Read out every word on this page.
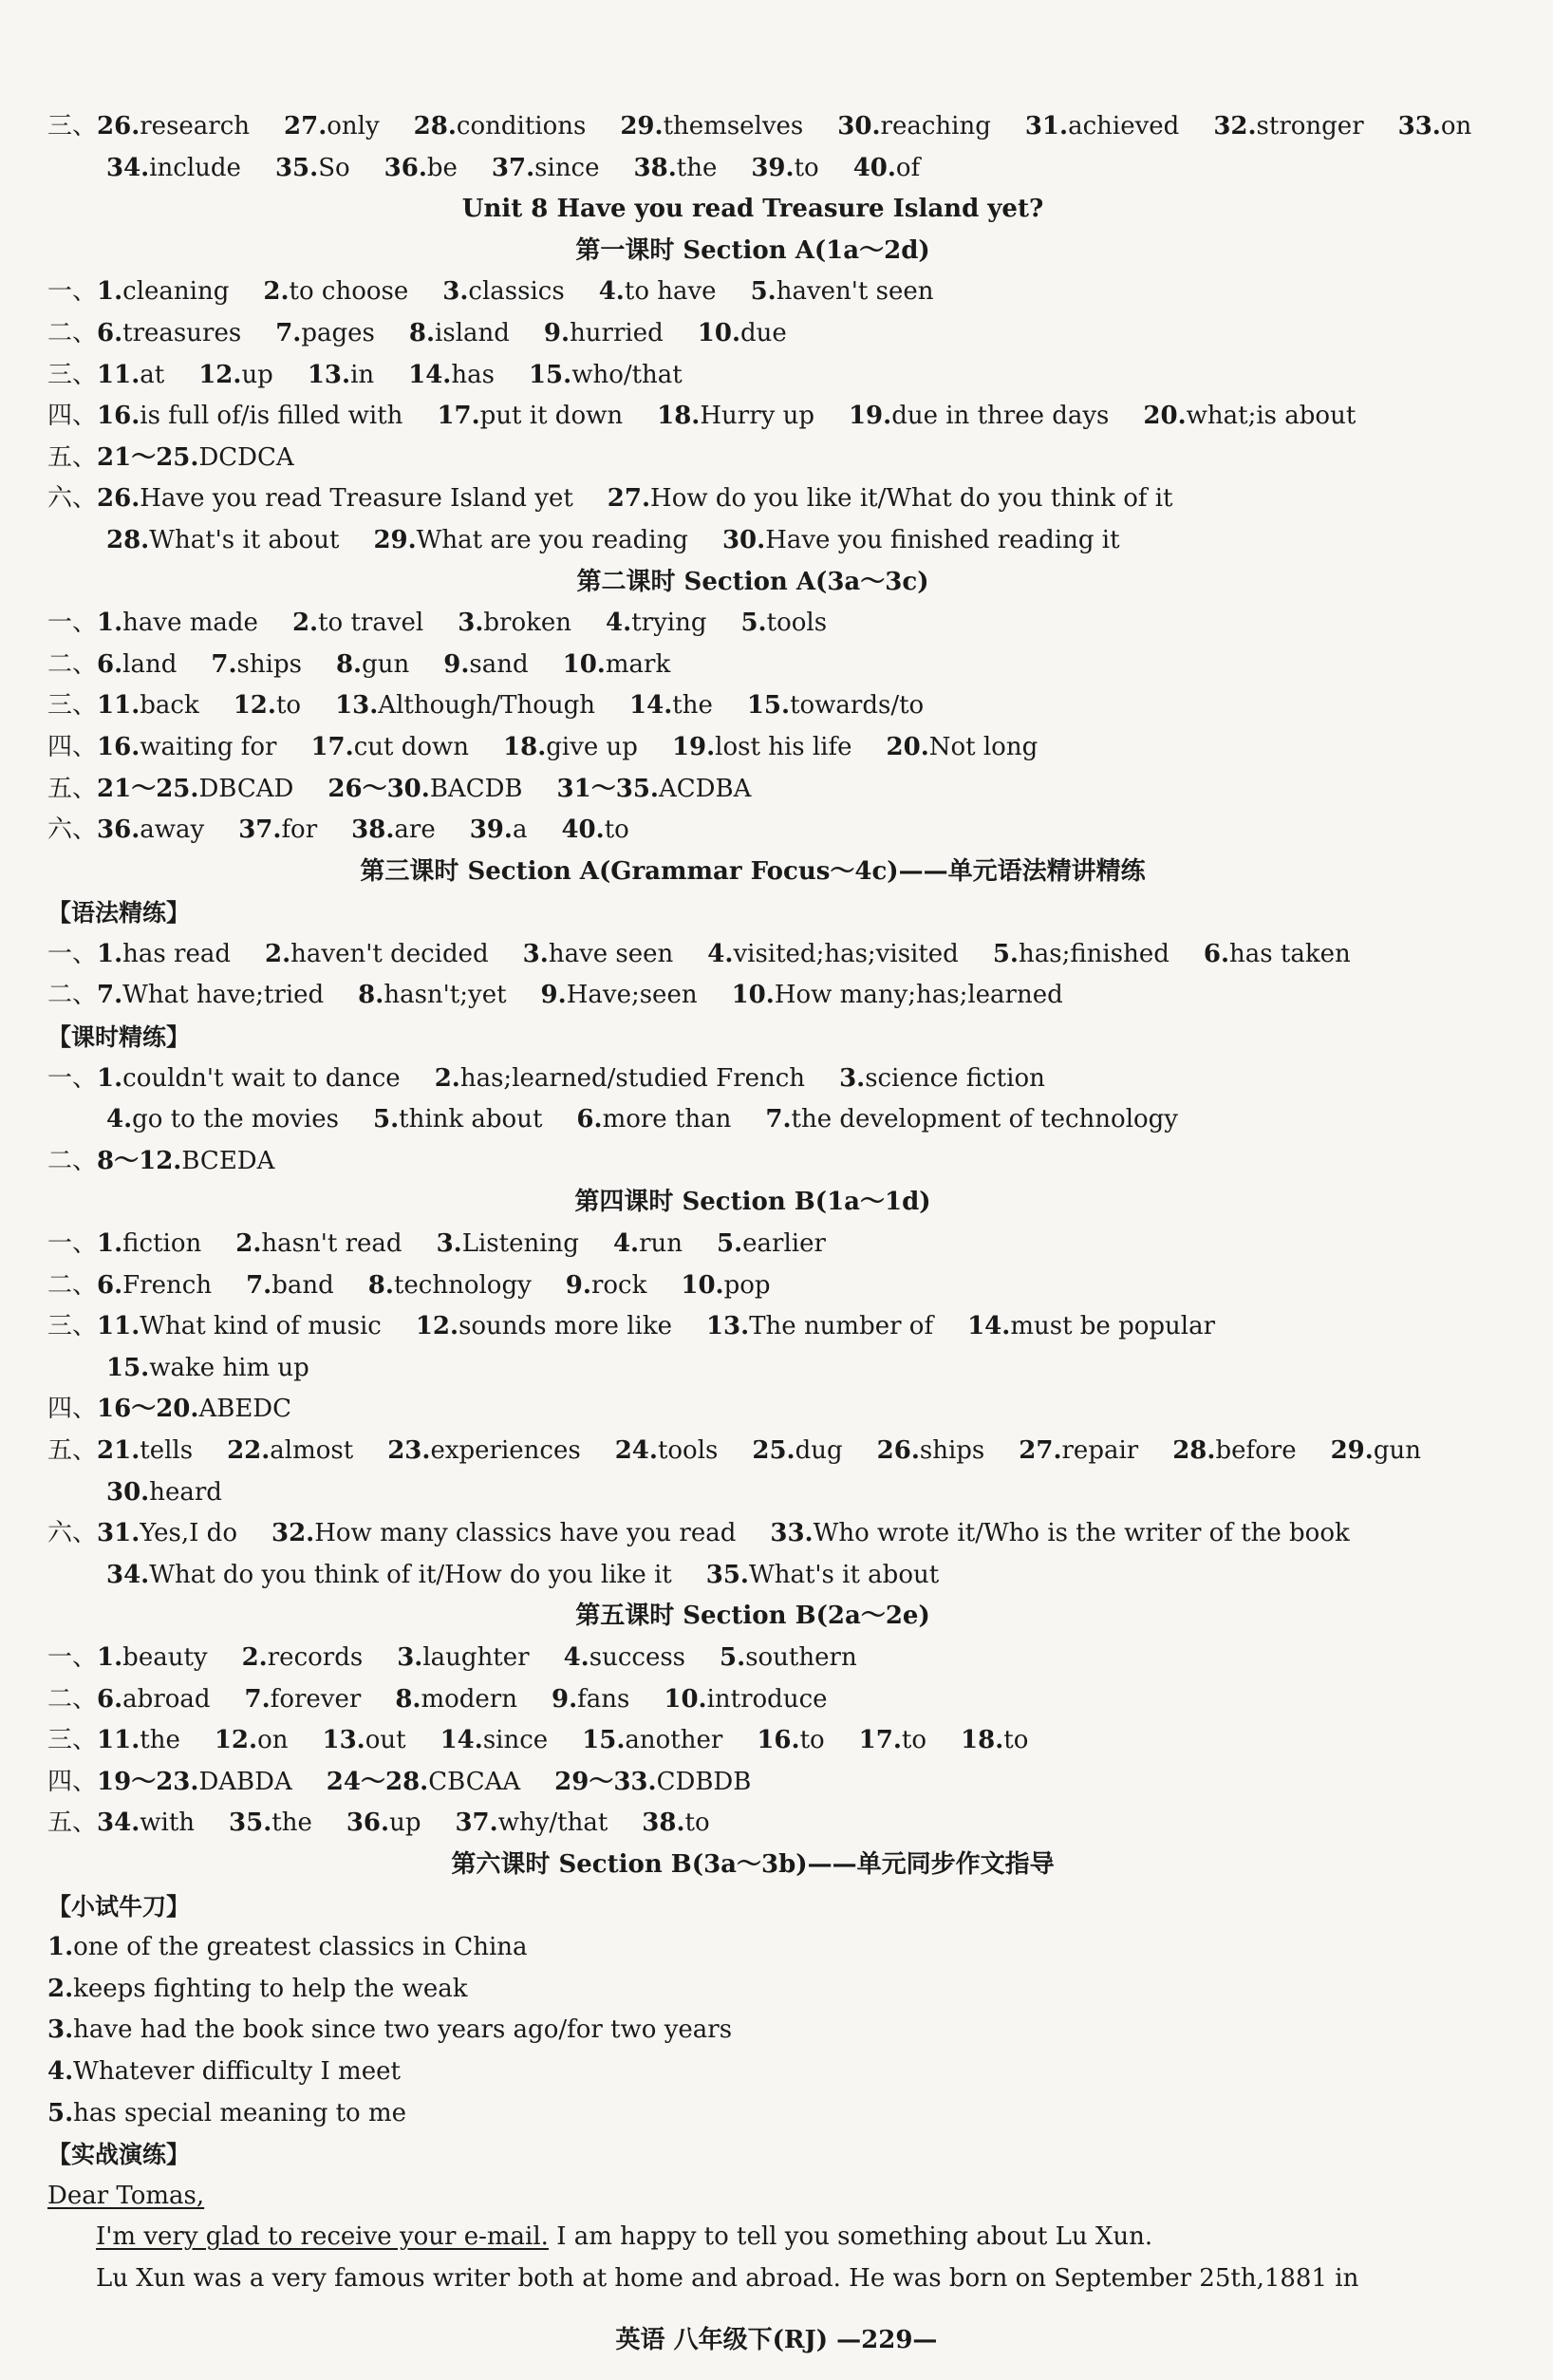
三、26.research 27.only 28.conditions 29.themselves 30.reaching 31.achieved 32.stronger 33.on
34.include 35.So 36.be 37.since 38.the 39.to 40.of
Unit 8 Have you read Treasure Island yet?
第一课时 Section A(1a～2d)
一、1.cleaning 2.to choose 3.classics 4.to have 5.haven't seen
二、6.treasures 7.pages 8.island 9.hurried 10.due
三、11.at 12.up 13.in 14.has 15.who/that
四、16.is full of/is filled with 17.put it down 18.Hurry up 19.due in three days 20.what;is about
五、21～25.DCDCA
六、26.Have you read Treasure Island yet 27.How do you like it/What do you think of it
28.What's it about 29.What are you reading 30.Have you finished reading it
第二课时 Section A(3a～3c)
一、1.have made 2.to travel 3.broken 4.trying 5.tools
二、6.land 7.ships 8.gun 9.sand 10.mark
三、11.back 12.to 13.Although/Though 14.the 15.towards/to
四、16.waiting for 17.cut down 18.give up 19.lost his life 20.Not long
五、21～25.DBCAD 26～30.BACDB 31～35.ACDBA
六、36.away 37.for 38.are 39.a 40.to
第三课时 Section A(Grammar Focus～4c)——单元语法精讲精练
【语法精练】
一、1.has read 2.haven't decided 3.have seen 4.visited;has;visited 5.has;finished 6.has taken
二、7.What have;tried 8.hasn't;yet 9.Have;seen 10.How many;has;learned
【课时精练】
一、1.couldn't wait to dance 2.has;learned/studied French 3.science fiction
4.go to the movies 5.think about 6.more than 7.the development of technology
二、8～12.BCEDA
第四课时 Section B(1a～1d)
一、1.fiction 2.hasn't read 3.Listening 4.run 5.earlier
二、6.French 7.band 8.technology 9.rock 10.pop
三、11.What kind of music 12.sounds more like 13.The number of 14.must be popular
15.wake him up
四、16～20.ABEDC
五、21.tells 22.almost 23.experiences 24.tools 25.dug 26.ships 27.repair 28.before 29.gun
30.heard
六、31.Yes,I do 32.How many classics have you read 33.Who wrote it/Who is the writer of the book
34.What do you think of it/How do you like it 35.What's it about
第五课时 Section B(2a～2e)
一、1.beauty 2.records 3.laughter 4.success 5.southern
二、6.abroad 7.forever 8.modern 9.fans 10.introduce
三、11.the 12.on 13.out 14.since 15.another 16.to 17.to 18.to
四、19～23.DABDA 24～28.CBCAA 29～33.CDBDB
五、34.with 35.the 36.up 37.why/that 38.to
第六课时 Section B(3a～3b)——单元同步作文指导
【小试牛刀】
1.one of the greatest classics in China
2.keeps fighting to help the weak
3.have had the book since two years ago/for two years
4.Whatever difficulty I meet
5.has special meaning to me
【实战演练】
Dear Tomas,
I'm very glad to receive your e-mail. I am happy to tell you something about Lu Xun.
Lu Xun was a very famous writer both at home and abroad. He was born on September 25th,1881 in
英语 八年级下(RJ) —229—
